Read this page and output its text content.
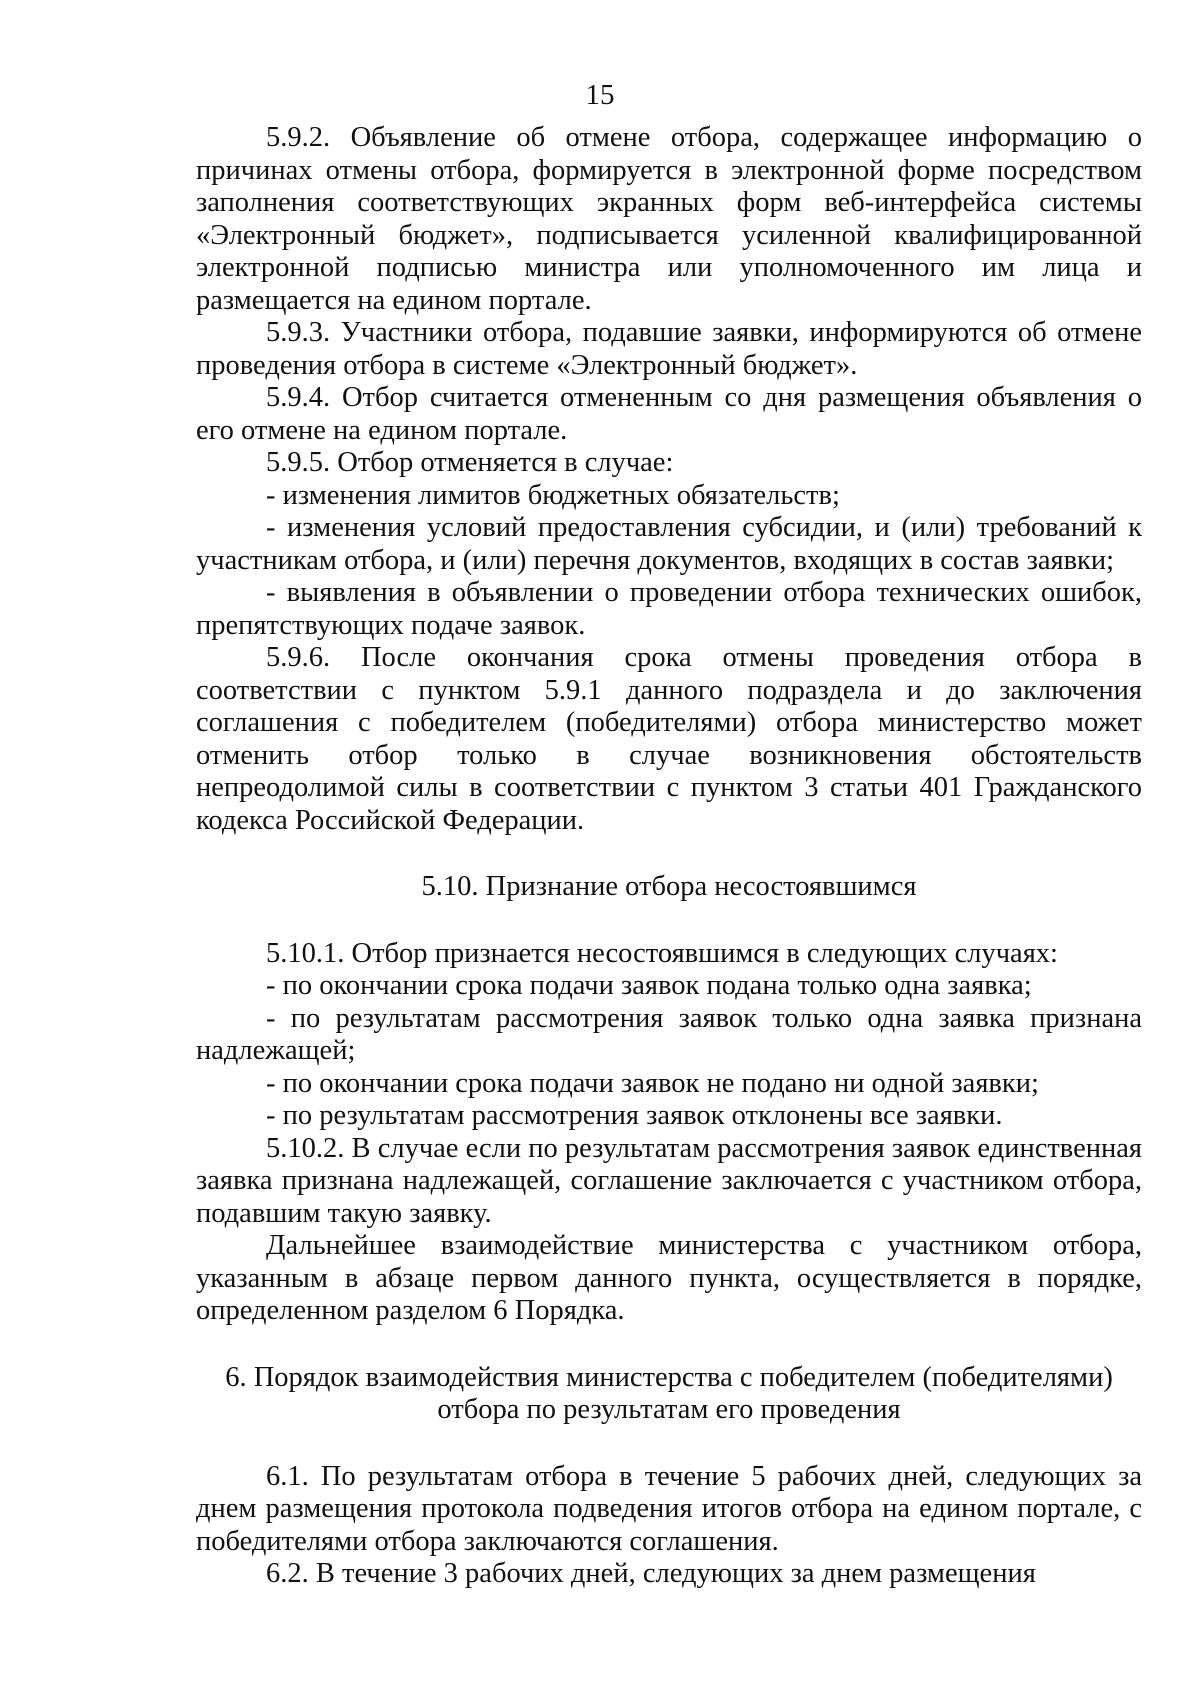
15

5.9.2. Объявление об отмене отбора, содержащее информацию о причинах отмены отбора, формируется в электронной форме посредством заполнения соответствующих экранных форм веб-интерфейса системы «Электронный бюджет», подписывается усиленной квалифицированной электронной подписью министра или уполномоченного им лица и размещается на едином портале.

5.9.3. Участники отбора, подавшие заявки, информируются об отмене проведения отбора в системе «Электронный бюджет».

5.9.4. Отбор считается отмененным со дня размещения объявления о его отмене на едином портале.

5.9.5. Отбор отменяется в случае:

- изменения лимитов бюджетных обязательств;

- изменения условий предоставления субсидии, и (или) требований к участникам отбора, и (или) перечня документов, входящих в состав заявки;

- выявления в объявлении о проведении отбора технических ошибок, препятствующих подаче заявок.

5.9.6. После окончания срока отмены проведения отбора в соответствии с пунктом 5.9.1 данного подраздела и до заключения соглашения с победителем (победителями) отбора министерство может отменить отбор только в случае возникновения обстоятельств непреодолимой силы в соответствии с пунктом 3 статьи 401 Гражданского кодекса Российской Федерации.

5.10. Признание отбора несостоявшимся

5.10.1. Отбор признается несостоявшимся в следующих случаях:

- по окончании срока подачи заявок подана только одна заявка;

- по результатам рассмотрения заявок только одна заявка признана надлежащей;

- по окончании срока подачи заявок не подано ни одной заявки;

- по результатам рассмотрения заявок отклонены все заявки.

5.10.2. В случае если по результатам рассмотрения заявок единственная заявка признана надлежащей, соглашение заключается с участником отбора, подавшим такую заявку.

Дальнейшее взаимодействие министерства с участником отбора, указанным в абзаце первом данного пункта, осуществляется в порядке, определенном разделом 6 Порядка.

6. Порядок взаимодействия министерства с победителем (победителями) отбора по результатам его проведения

6.1. По результатам отбора в течение 5 рабочих дней, следующих за днем размещения протокола подведения итогов отбора на едином портале, с победителями отбора заключаются соглашения.

6.2. В течение 3 рабочих дней, следующих за днем размещения
